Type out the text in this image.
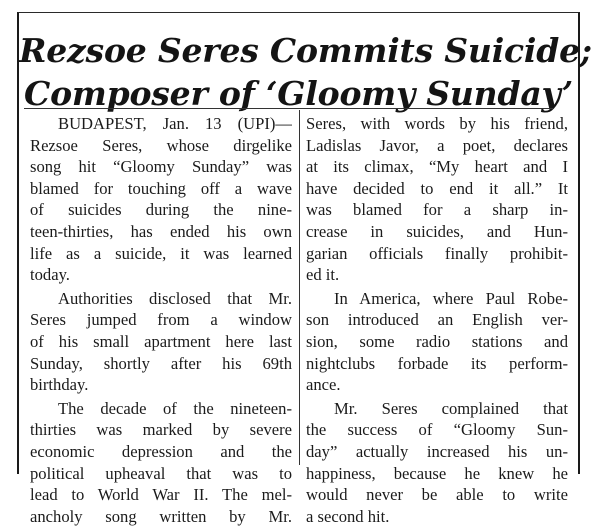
Rezsoe Seres Commits Suicide;
Composer of ‘Gloomy Sunday’

BUDAPEST, Jan. 13 (UPI)—
Rezsoe Seres, whose dirgelike
song hit “Gloomy Sunday” was
blamed for touching off a wave
of suicides during the nine-
teen-thirties, has ended his own
life as a suicide, it was learned
today.

Authorities disclosed that Mr.
Seres jumped from a window
of his small apartment here last
Sunday, shortly after his 69th
birthday.

The decade of the nineteen-
thirties was marked by severe
economic depression and the
political upheaval that was to
lead to World War II. The mel-
ancholy song written by Mr.

Seres, with words by his friend,
Ladislas Javor, a poet, declares
at its climax, “My heart and I
have decided to end it all.” It
was blamed for a sharp in-
crease in suicides, and Hun-
garian officials finally prohibit-
ed it.

In America, where Paul Robe-
son introduced an English ver-
sion, some radio stations and
nightclubs forbade its perform-
ance.

Mr. Seres complained that
the success of “Gloomy Sun-
day” actually increased his un-
happiness, because he knew he
would never be able to write
a second hit.
